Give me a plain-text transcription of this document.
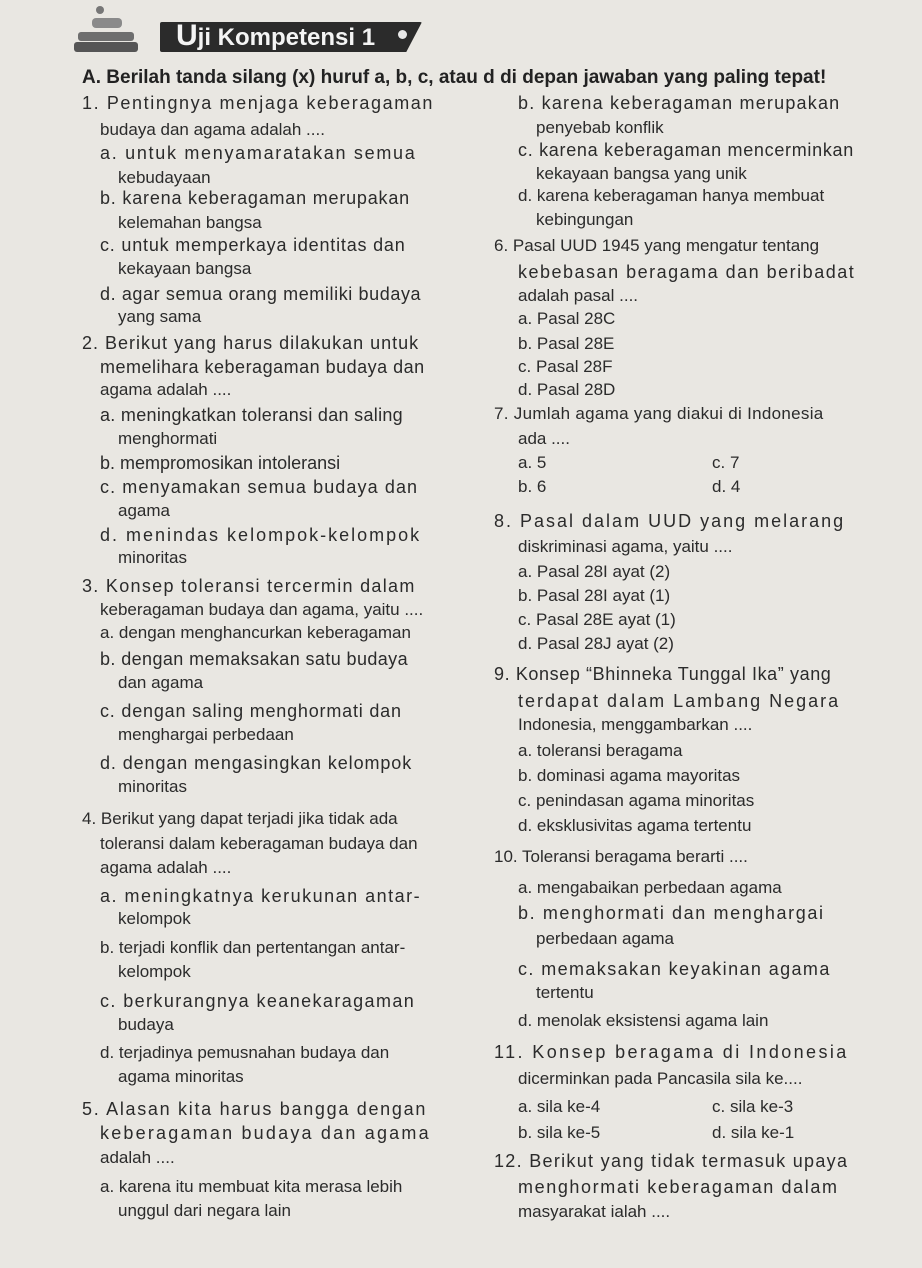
Uji Kompetensi 1
A. Berilah tanda silang (x) huruf a, b, c, atau d di depan jawaban yang paling tepat!
1. Pentingnya menjaga keberagaman
budaya dan agama adalah ....
a. untuk menyamaratakan semua
kebudayaan
b. karena keberagaman merupakan
kelemahan bangsa
c. untuk memperkaya identitas dan
kekayaan bangsa
d. agar semua orang memiliki budaya
yang sama
2. Berikut yang harus dilakukan untuk
memelihara keberagaman budaya dan
agama adalah ....
a. meningkatkan toleransi dan saling
menghormati
b. mempromosikan intoleransi
c. menyamakan semua budaya dan
agama
d. menindas kelompok-kelompok
minoritas
3. Konsep toleransi tercermin dalam
keberagaman budaya dan agama, yaitu ....
a. dengan menghancurkan keberagaman
b. dengan memaksakan satu budaya
dan agama
c. dengan saling menghormati dan
menghargai perbedaan
d. dengan mengasingkan kelompok
minoritas
4. Berikut yang dapat terjadi jika tidak ada
toleransi dalam keberagaman budaya dan
agama adalah ....
a. meningkatnya kerukunan antar-
kelompok
b. terjadi konflik dan pertentangan antar-
kelompok
c. berkurangnya keanekaragaman
budaya
d. terjadinya pemusnahan budaya dan
agama minoritas
5. Alasan kita harus bangga dengan
keberagaman budaya dan agama
adalah ....
a. karena itu membuat kita merasa lebih
unggul dari negara lain
b. karena keberagaman merupakan
penyebab konflik
c. karena keberagaman mencerminkan
kekayaan bangsa yang unik
d. karena keberagaman hanya membuat
kebingungan
6. Pasal UUD 1945 yang mengatur tentang
kebebasan beragama dan beribadat
adalah pasal ....
a. Pasal 28C
b. Pasal 28E
c. Pasal 28F
d. Pasal 28D
7. Jumlah agama yang diakui di Indonesia
ada ....
a. 5	c. 7
b. 6	d. 4
8. Pasal dalam UUD yang melarang
diskriminasi agama, yaitu ....
a. Pasal 28I ayat (2)
b. Pasal 28I ayat (1)
c. Pasal 28E ayat (1)
d. Pasal 28J ayat (2)
9. Konsep “Bhinneka Tunggal Ika” yang
terdapat dalam Lambang Negara
Indonesia, menggambarkan ....
a. toleransi beragama
b. dominasi agama mayoritas
c. penindasan agama minoritas
d. eksklusivitas agama tertentu
10. Toleransi beragama berarti ....
a. mengabaikan perbedaan agama
b. menghormati dan menghargai
perbedaan agama
c. memaksakan keyakinan agama
tertentu
d. menolak eksistensi agama lain
11. Konsep beragama di Indonesia
dicerminkan pada Pancasila sila ke....
a. sila ke-4	c. sila ke-3
b. sila ke-5	d. sila ke-1
12. Berikut yang tidak termasuk upaya
menghormati keberagaman dalam
masyarakat ialah ....
